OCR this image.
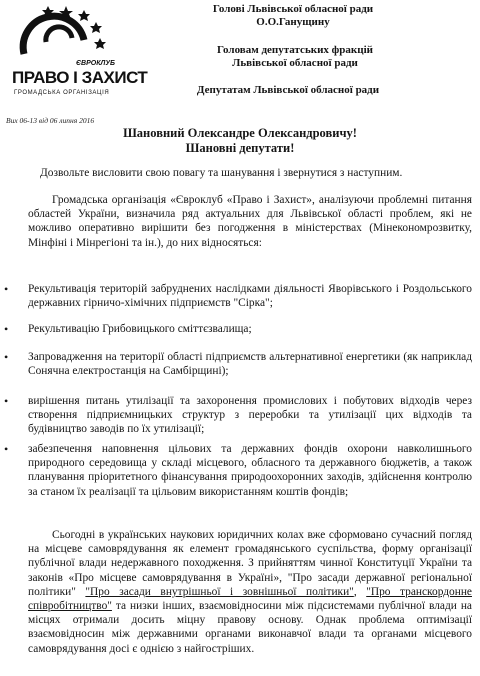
ЄВРОКЛУБ
ПРАВО І ЗАХИСТ
ГРОМАДСЬКА ОРГАНІЗАЦІЯ
Голові Львівської обласної ради
О.О.Ганущину
Головам депутатських фракцій
Львівської обласної ради
Депутатам Львівської обласної ради
Вих 06-13 від 06 липня 2016
Шановний Олександре Олександровичу!
Шановні депутати!
Дозвольте висловити свою повагу та шанування і звернутися з наступним.
Громадська організація «Євроклуб «Право і Захист», аналізуючи проблемні питання областей України, визначила ряд актуальних для Львівської області проблем, які не можливо оперативно вирішити без погодження в міністерствах (Мінекономрозвитку, Мінфіні і Мінрегіоні та ін.), до них відносяться:
• Рекультивація територій забруднених наслідками діяльності Яворівського і Роздольського державних гірничо-хімічних підприємств "Сірка";
• Рекультивацію Грибовицького сміттєзвалища;
• Запровадження на території області підприємств альтернативної енергетики (як наприклад Сонячна електростанція на Самбірщині);
• вирішення питань утилізації та захоронення промислових і побутових відходів через створення підприємницьких структур з переробки та утилізації цих відходів та будівництво заводів по їх утилізації;
• забезпечення наповнення цільових та державних фондів охорони навколишнього природного середовища у складі місцевого, обласного та державного бюджетів, а також планування пріоритетного фінансування природоохоронних заходів, здійснення контролю за станом їх реалізації та цільовим використанням коштів фондів;
Сьогодні в українських наукових юридичних колах вже сформовано сучасний погляд на місцеве самоврядування як елемент громадянського суспільства, форму організації публічної влади недержавного походження. З прийняттям чинної Конституції України та законів «Про місцеве самоврядування в Україні», "Про засади державної регіональної політики" "Про засади внутрішньої і зовнішньої політики", "Про транскордонне співробітництво" та низки інших, взаємовідносини між підсистемами публічної влади на місцях отримали досить міцну правову основу. Однак проблема оптимізації взаємовідносин між державними органами виконавчої влади та органами місцевого самоврядування досі є однією з найгостріших.
